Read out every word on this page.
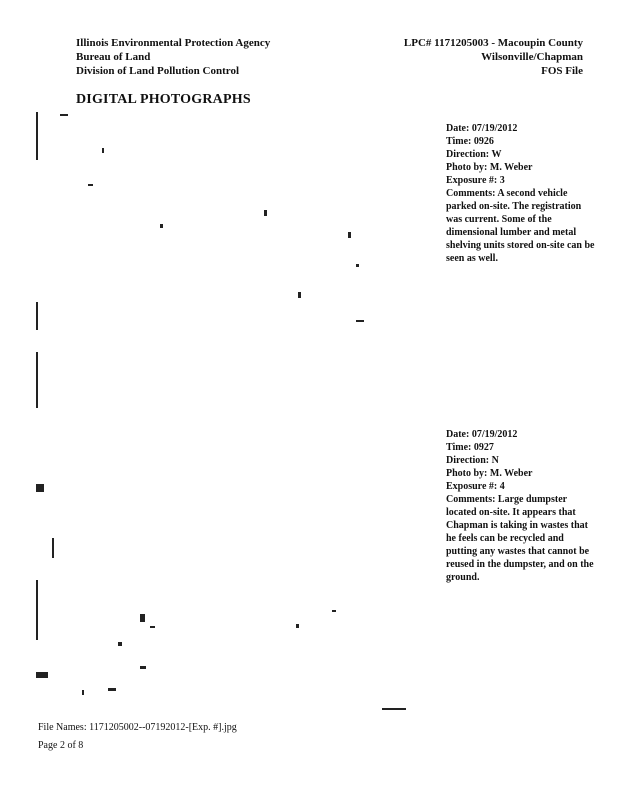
Illinois Environmental Protection Agency
Bureau of Land
Division of Land Pollution Control
LPC# 1171205003 - Macoupin County
Wilsonville/Chapman
FOS File
DIGITAL PHOTOGRAPHS
Date: 07/19/2012
Time: 0926
Direction: W
Photo by: M. Weber
Exposure #: 3
Comments: A second vehicle parked on-site. The registration was current. Some of the dimensional lumber and metal shelving units stored on-site can be seen as well.
Date: 07/19/2012
Time: 0927
Direction: N
Photo by: M. Weber
Exposure #: 4
Comments: Large dumpster located on-site. It appears that Chapman is taking in wastes that he feels can be recycled and putting any wastes that cannot be reused in the dumpster, and on the ground.
File Names: 1171205002--07192012-[Exp. #].jpg
Page 2 of 8
